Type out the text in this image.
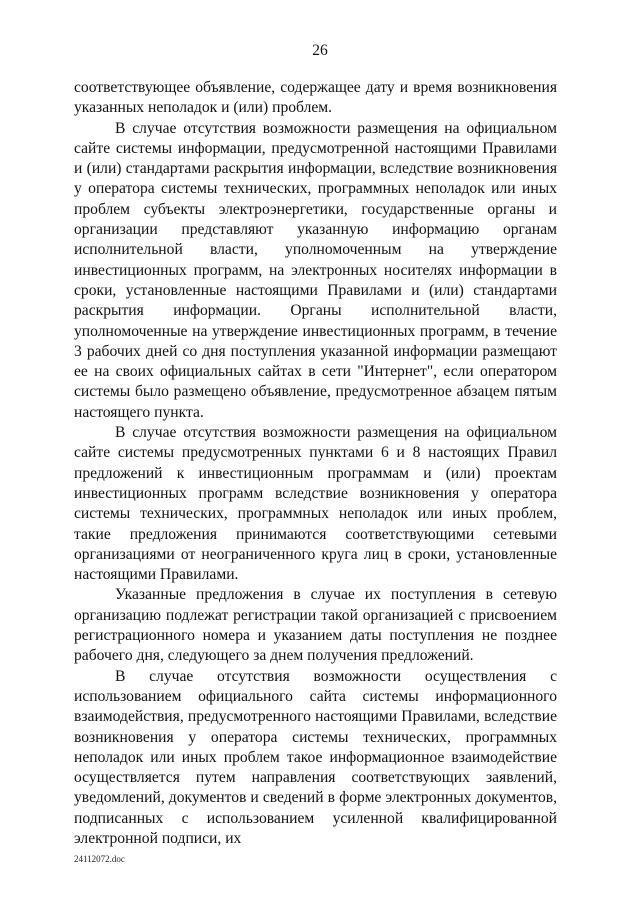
26

соответствующее объявление, содержащее дату и время возникновения указанных неполадок и (или) проблем.

В случае отсутствия возможности размещения на официальном сайте системы информации, предусмотренной настоящими Правилами и (или) стандартами раскрытия информации, вследствие возникновения у оператора системы технических, программных неполадок или иных проблем субъекты электроэнергетики, государственные органы и организации представляют указанную информацию органам исполнительной власти, уполномоченным на утверждение инвестиционных программ, на электронных носителях информации в сроки, установленные настоящими Правилами и (или) стандартами раскрытия информации. Органы исполнительной власти, уполномоченные на утверждение инвестиционных программ, в течение 3 рабочих дней со дня поступления указанной информации размещают ее на своих официальных сайтах в сети "Интернет", если оператором системы было размещено объявление, предусмотренное абзацем пятым настоящего пункта.

В случае отсутствия возможности размещения на официальном сайте системы предусмотренных пунктами 6 и 8 настоящих Правил предложений к инвестиционным программам и (или) проектам инвестиционных программ вследствие возникновения у оператора системы технических, программных неполадок или иных проблем, такие предложения принимаются соответствующими сетевыми организациями от неограниченного круга лиц в сроки, установленные настоящими Правилами.

Указанные предложения в случае их поступления в сетевую организацию подлежат регистрации такой организацией с присвоением регистрационного номера и указанием даты поступления не позднее рабочего дня, следующего за днем получения предложений.

В случае отсутствия возможности осуществления с использованием официального сайта системы информационного взаимодействия, предусмотренного настоящими Правилами, вследствие возникновения у оператора системы технических, программных неполадок или иных проблем такое информационное взаимодействие осуществляется путем направления соответствующих заявлений, уведомлений, документов и сведений в форме электронных документов, подписанных с использованием усиленной квалифицированной электронной подписи, их

24112072.doc
